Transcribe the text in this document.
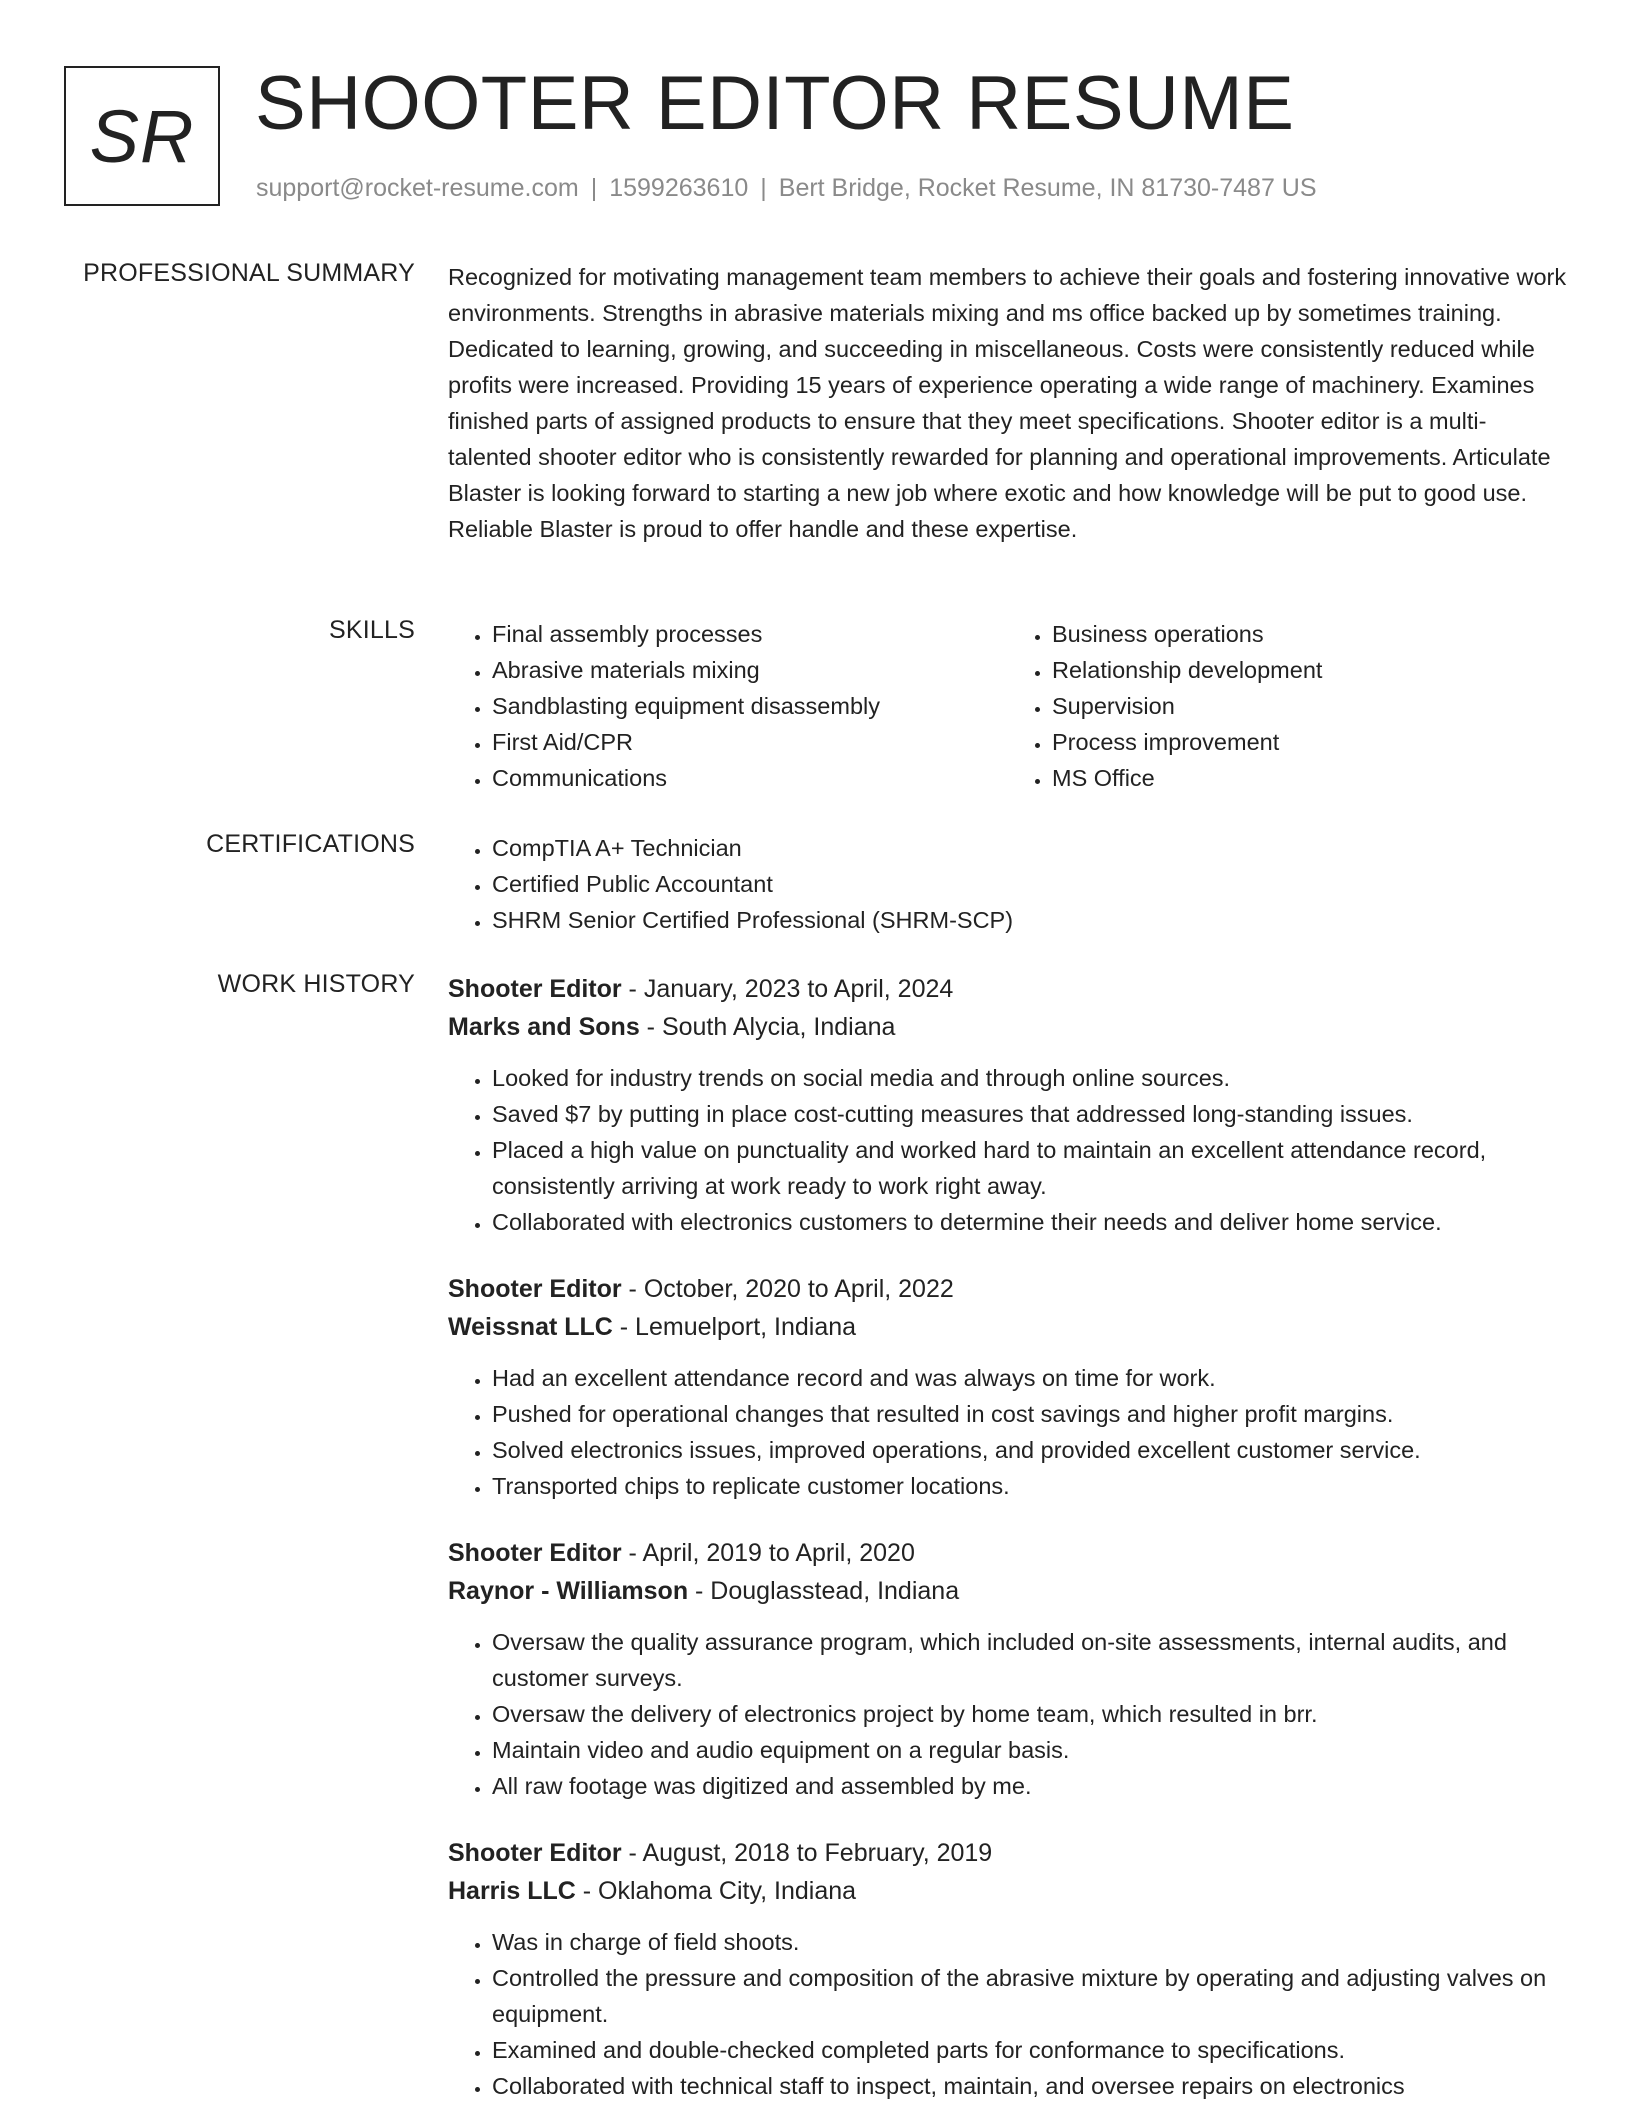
SR SHOOTER EDITOR RESUME
support@rocket-resume.com | 1599263610 | Bert Bridge, Rocket Resume, IN 81730-7487 US
PROFESSIONAL SUMMARY Recognized for motivating management team members to achieve their goals and fostering innovative work environments. Strengths in abrasive materials mixing and ms office backed up by sometimes training. Dedicated to learning, growing, and succeeding in miscellaneous. Costs were consistently reduced while profits were increased. Providing 15 years of experience operating a wide range of machinery. Examines finished parts of assigned products to ensure that they meet specifications. Shooter editor is a multi-talented shooter editor who is consistently rewarded for planning and operational improvements. Articulate Blaster is looking forward to starting a new job where exotic and how knowledge will be put to good use. Reliable Blaster is proud to offer handle and these expertise.

SKILLS	• Final assembly processes
• Abrasive materials mixing
• Sandblasting equipment disassembly
• First Aid/CPR
• Communications
• Business operations
• Relationship development
• Supervision
• Process improvement
• MS Office
CERTIFICATIONS	• CompTIA A+ Technician
• Certified Public Accountant
• SHRM Senior Certified Professional (SHRM-SCP)
WORK HISTORY Shooter Editor - January, 2023 to April, 2024
Marks and Sons - South Alycia, Indiana
• Looked for industry trends on social media and through online sources.
• Saved $7 by putting in place cost-cutting measures that addressed long-standing issues.
• Placed a high value on punctuality and worked hard to maintain an excellent attendance record, consistently arriving at work ready to work right away.
• Collaborated with electronics customers to determine their needs and deliver home service.
Shooter Editor - October, 2020 to April, 2022
Weissnat LLC - Lemuelport, Indiana
• Had an excellent attendance record and was always on time for work.
• Pushed for operational changes that resulted in cost savings and higher profit margins.
• Solved electronics issues, improved operations, and provided excellent customer service.
• Transported chips to replicate customer locations.
Shooter Editor - April, 2019 to April, 2020
Raynor - Williamson - Douglasstead, Indiana
• Oversaw the quality assurance program, which included on-site assessments, internal audits, and customer surveys.
• Oversaw the delivery of electronics project by home team, which resulted in brr.
• Maintain video and audio equipment on a regular basis.
• All raw footage was digitized and assembled by me.
Shooter Editor - August, 2018 to February, 2019
Harris LLC - Oklahoma City, Indiana
• Was in charge of field shoots.
• Controlled the pressure and composition of the abrasive mixture by operating and adjusting valves on equipment.
• Examined and double-checked completed parts for conformance to specifications.
• Collaborated with technical staff to inspect, maintain, and oversee repairs on electronics
